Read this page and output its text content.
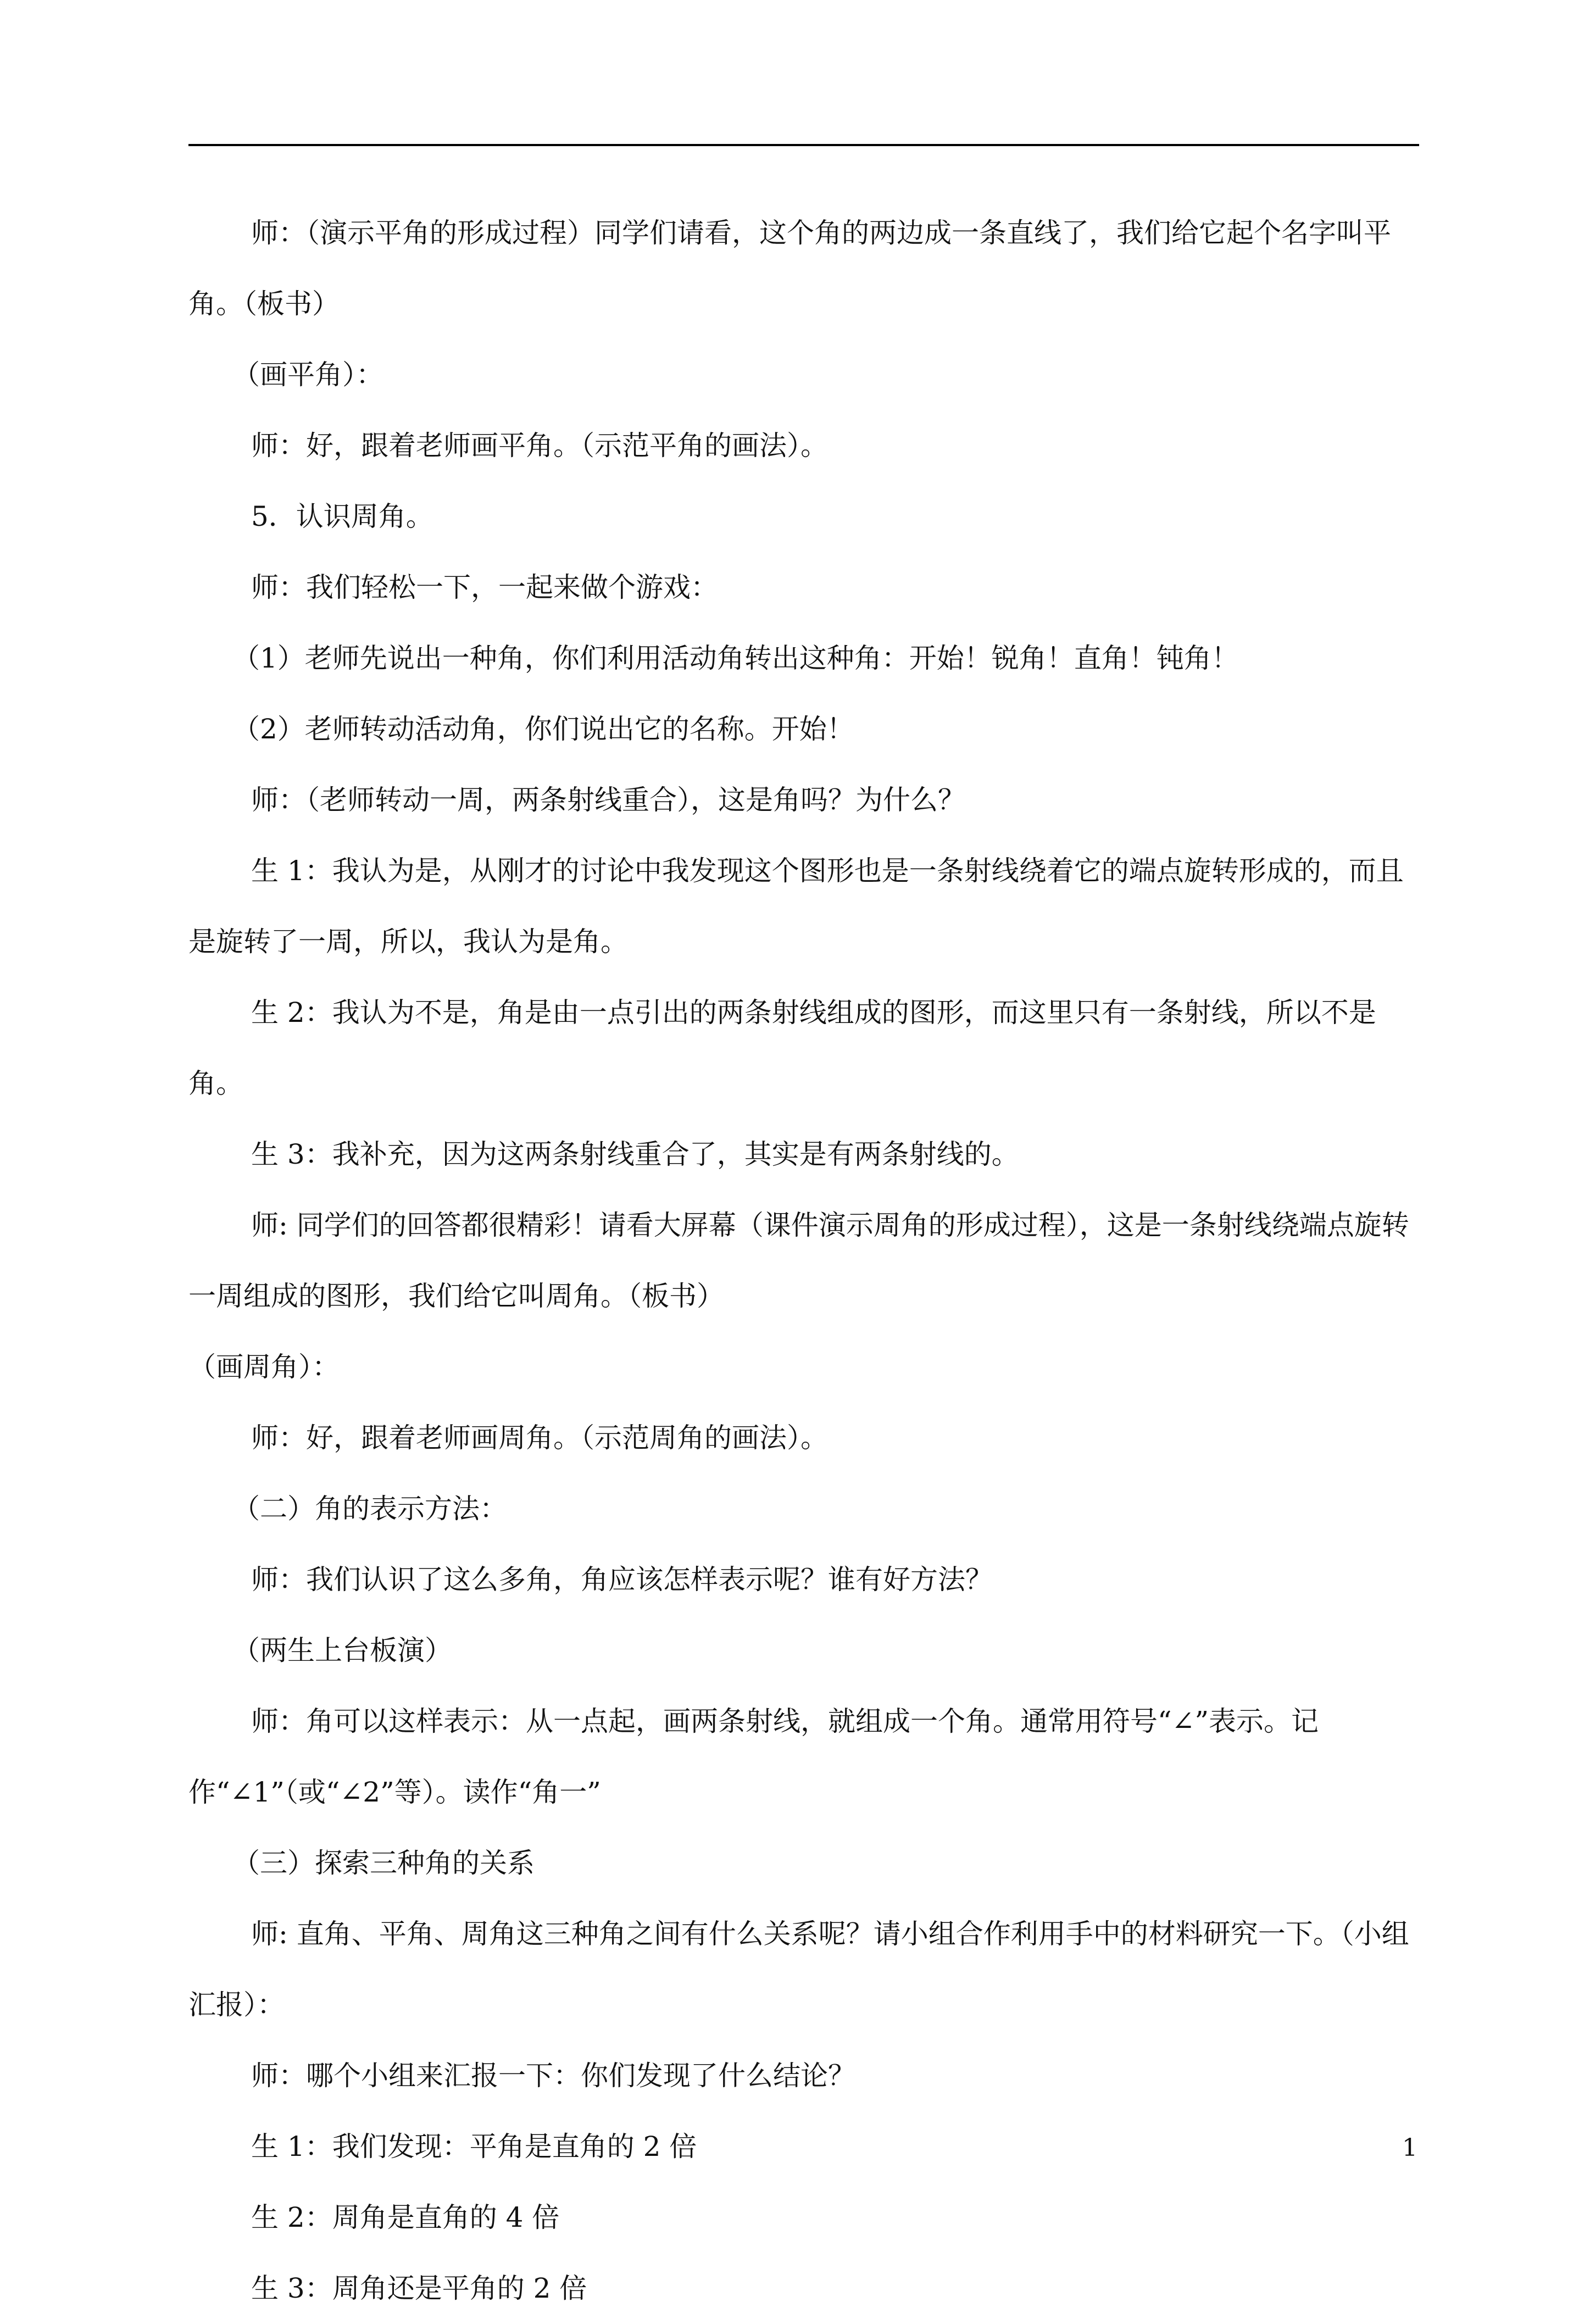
师：（演示平角的形成过程）同学们请看，这个角的两边成一条直线了，我们给它起个名字叫平角。（板书）

（画平角）：

师：好，跟着老师画平角。（示范平角的画法）。

5．认识周角。

师：我们轻松一下，一起来做个游戏：

（1）老师先说出一种角，你们利用活动角转出这种角：开始！锐角！直角！钝角！

（2）老师转动活动角，你们说出它的名称。开始！

师：（老师转动一周，两条射线重合），这是角吗？为什么？

生 1：我认为是，从刚才的讨论中我发现这个图形也是一条射线绕着它的端点旋转形成的，而且是旋转了一周，所以，我认为是角。

生 2：我认为不是，角是由一点引出的两条射线组成的图形，而这里只有一条射线，所以不是角。

生 3：我补充，因为这两条射线重合了，其实是有两条射线的。

师: 同学们的回答都很精彩！请看大屏幕（课件演示周角的形成过程），这是一条射线绕端点旋转一周组成的图形，我们给它叫周角。（板书）

（画周角）：

师：好，跟着老师画周角。（示范周角的画法）。

（二）角的表示方法：

师：我们认识了这么多角，角应该怎样表示呢？谁有好方法？

（两生上台板演）

师：角可以这样表示：从一点起，画两条射线，就组成一个角。通常用符号“∠”表示。记作“∠1”（或“∠2”等）。读作“角一”

（三）探索三种角的关系

师: 直角、平角、周角这三种角之间有什么关系呢？请小组合作利用手中的材料研究一下。（小组汇报）：

师：哪个小组来汇报一下：你们发现了什么结论？

生 1：我们发现：平角是直角的 2 倍

生 2：周角是直角的 4 倍

生 3：周角还是平角的 2 倍

1
